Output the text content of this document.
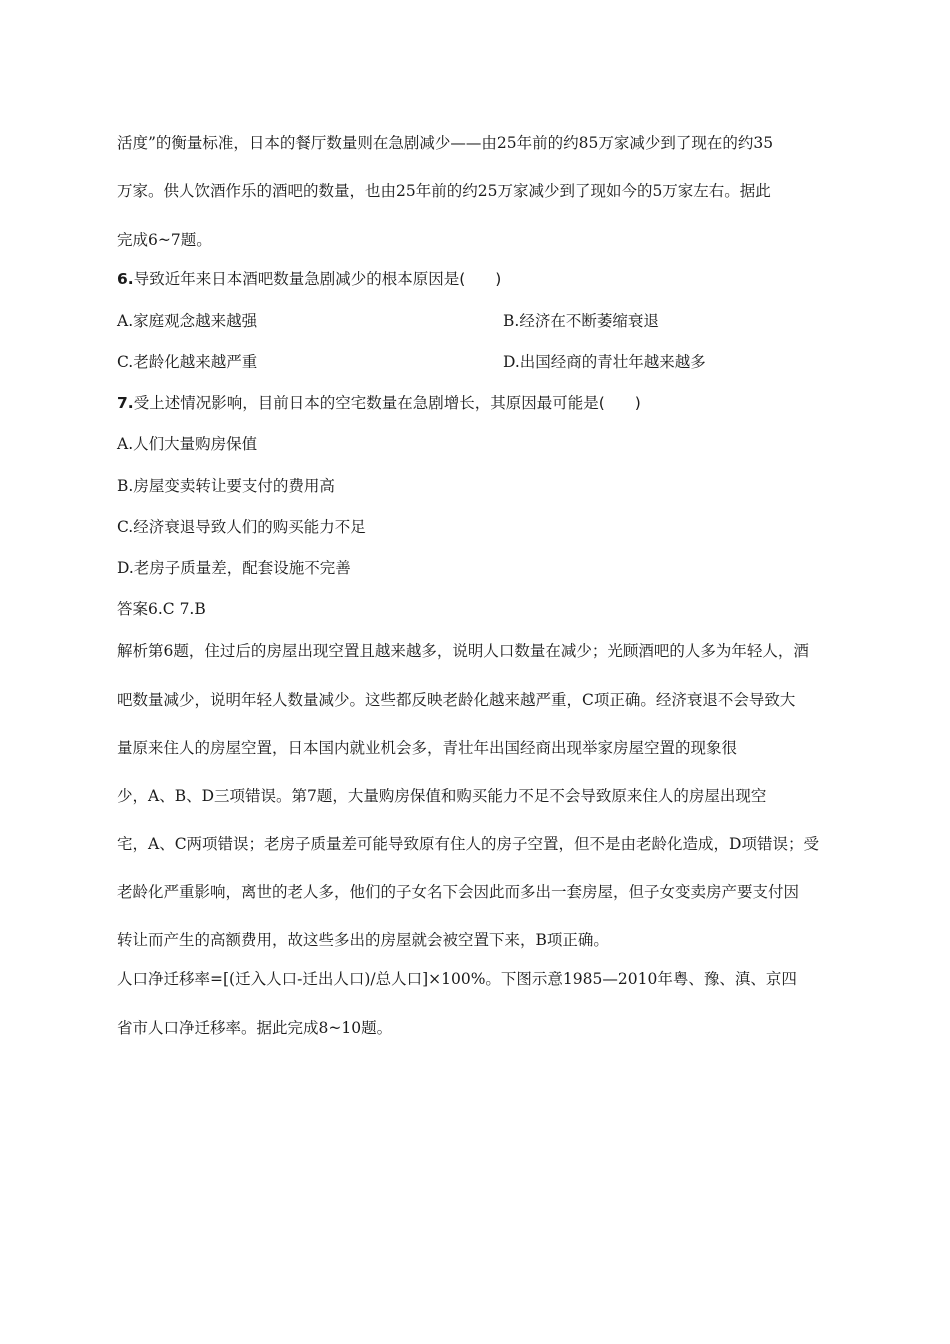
活度”的衡量标准，日本的餐厅数量则在急剧减少——由25年前的约85万家减少到了现在的约35
万家。供人饮酒作乐的酒吧的数量，也由25年前的约25万家减少到了现如今的5万家左右。据此
完成6~7题。
6.导致近年来日本酒吧数量急剧减少的根本原因是( )
A.家庭观念越来越强	B.经济在不断萎缩衰退
C.老龄化越来越严重	D.出国经商的青壮年越来越多
7.受上述情况影响，目前日本的空宅数量在急剧增长，其原因最可能是( )
A.人们大量购房保值
B.房屋变卖转让要支付的费用高
C.经济衰退导致人们的购买能力不足
D.老房子质量差，配套设施不完善
答案6.C 7.B
解析第6题，住过后的房屋出现空置且越来越多，说明人口数量在减少；光顾酒吧的人多为年轻人，酒
吧数量减少，说明年轻人数量减少。这些都反映老龄化越来越严重，C项正确。经济衰退不会导致大
量原来住人的房屋空置，日本国内就业机会多，青壮年出国经商出现举家房屋空置的现象很
少，A、B、D三项错误。第7题，大量购房保值和购买能力不足不会导致原来住人的房屋出现空
宅，A、C两项错误；老房子质量差可能导致原有住人的房子空置，但不是由老龄化造成，D项错误；受
老龄化严重影响，离世的老人多，他们的子女名下会因此而多出一套房屋，但子女变卖房产要支付因
转让而产生的高额费用，故这些多出的房屋就会被空置下来，B项正确。
人口净迁移率=[(迁入人口-迁出人口)/总人口]×100%。下图示意1985—2010年粤、豫、滇、京四
省市人口净迁移率。据此完成8~10题。
